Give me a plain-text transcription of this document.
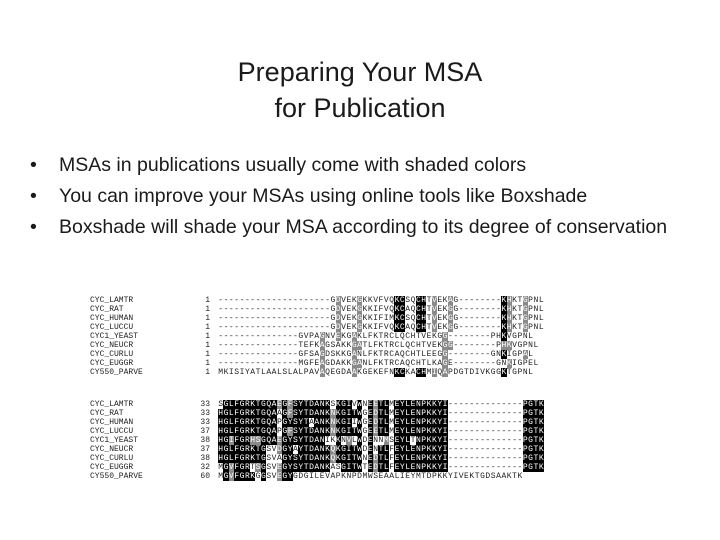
Preparing Your MSA
for Publication
•	MSAs in publications usually come with shaded colors
•	You can improve your MSAs using online tools like Boxshade
•	Boxshade will shade your MSA according to its degree of conservation
CYC_LAMTR	1 ---------------------GDVEKGKKVFVQKCSQCHTVEKAG--------KHKTGPNL
CYC_RAT	1 ---------------------GDVEKGKKIFVQKCAQCHTVEKGG--------KHKTGPNL
CYC_HUMAN	1 ---------------------GDVEKGKKIFIMKCSQCHTVEKGG--------KHKTGPNL
CYC_LUCCU	1 ---------------------GDVEKGKKIFVQKCAQCHTVEKGG--------KHKTGPNL
CYC1_YEAST	1 ---------------GVPAGNVEKGAKLFKTRCLQCHTVEKGG--------PHKVGPNL
CYC_NEUCR	1 ---------------TEFKAGSAKKGATLFKTRCLQCHTVEKGG--------PHKVGPNL
CYC_CURLU	1 ---------------GFSAGDSKKGANLFKTRCAQCHTLEEGG--------GNKIGPAL
CYC_EUGGR	1 ---------------MGFEAGDAKKGANLFKTRCAQCHTLKAGE--------GNKIGPEL
CY550_PARVE	1 MKISIYATLAALSLALPAVAQEGDAAKGEKEFNKCKACHMIQAPDGTDIVKGGKTGPNL
CYC_LAMTR	33 SGLFGRKTGQAEGFSYTDANKSKGIVWNEETLMEYLENPKKYI--------------PGTK
CYC_RAT	33 HGLFGRKTGQAAGFSYTDANKNKGITWGEDTLMEYLENPKKYI--------------PGTK
CYC_HUMAN	33 HGLFGRKTGQAPGYSYTAANKNKGIIWGEDTLMEYLENPKKYI--------------PGTK
CYC_LUCCU	37 HGLFGRKTGQAPGFSYTDANKNKGITWGEETLMEYLENPKKYI--------------PGTK
CYC1_YEAST	38 HGIFGRHSGQAEGYSYTDANIKKNVLWDENNMSEYLTNPKKYI--------------PGTK
CYC_NEUCR	37 HGLFGRKTGSVDGYAYTDANKQKGITWDENTLFEYLENPKKYI--------------PGTK
CYC_CURLU	38 HGLFGRKTGSVAGYSYTDANKQKGITWNEDTLFEYLENPKKYI--------------PGTK
CYC_EUGGR	32 MGVFGRTSGSVEGYSYTDANKASGITWTEDTLFEYLENPKKYI--------------PGTK
CY550_PARVE	60 MGVFGRKGGSVEGYGDGILEVAPKNPDMWSEAALIEYMTDPKKYIVEKTGDSAAKTK
